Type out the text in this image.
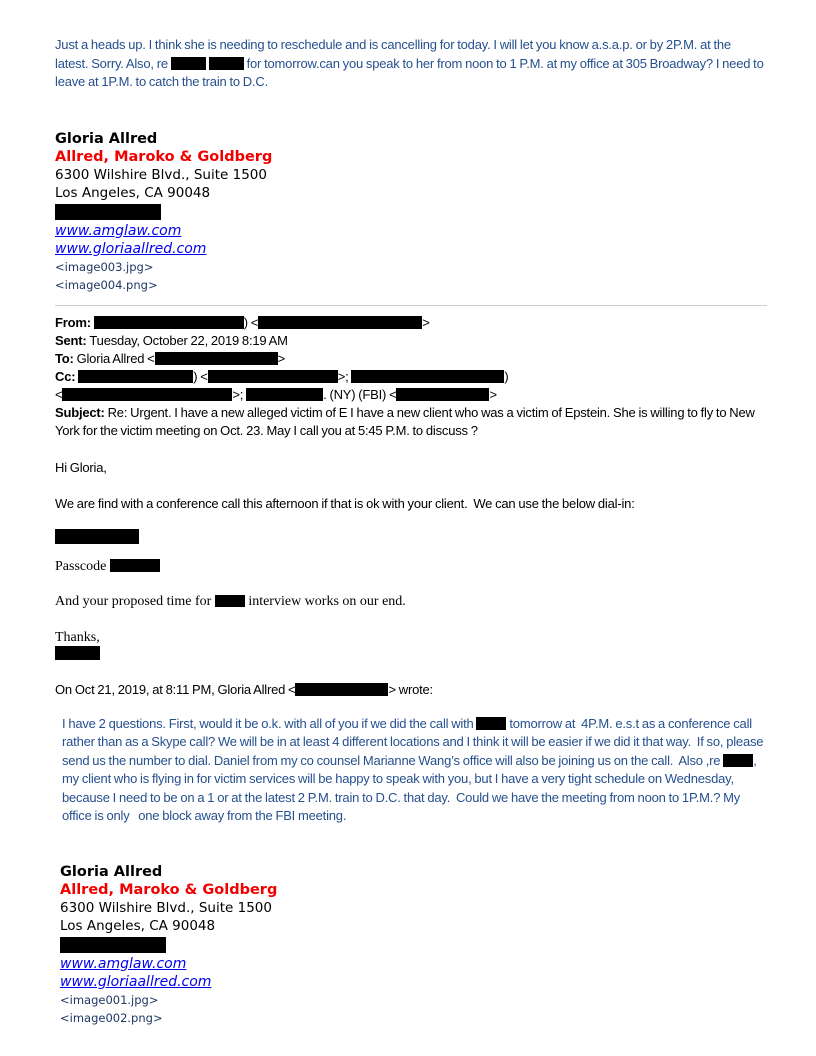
Just a heads up. I think she is needing to reschedule and is cancelling for today. I will let you know a.s.a.p. or by 2P.M. at the latest. Sorry. Also, re	for tomorrow.can you speak to her from noon to 1 P.M. at my office at 305 Broadway? I need to leave at 1P.M. to catch the train to D.C.

Gloria Allred
Allred, Maroko & Goldberg
6300 Wilshire Blvd., Suite 1500
Los Angeles, CA 90048
www.amglaw.com
www.gloriaallred.com
<image003.jpg>
<image004.png>

From:	) <	>

Sent: Tuesday, October 22, 2019 8:19 AM

To: Gloria Allred <	>

Cc:	) <	>;	)

<	>;	. (NY) (FBI) <	>

Subject: Re: Urgent. I have a new alleged victim of E I have a new client who was a victim of Epstein. She is willing to fly to New York for the victim meeting on Oct. 23. May I call you at 5:45 P.M. to discuss ?

Hi Gloria,

We are find with a conference call this afternoon if that is ok with your client.  We can use the below dial-in:

Passcode

And your proposed time for  interview works on our end.

Thanks,

On Oct 21, 2019, at 8:11 PM, Gloria Allred <	> wrote:

I have 2 questions. First, would it be o.k. with all of you if we did the call with  tomorrow at  4P.M. e.s.t as a conference call rather than as a Skype call? We will be in at least 4 different locations and I think it will be easier if we did it that way.  If so, please send us the number to dial. Daniel from my co counsel Marianne Wang’s office will also be joining us on the call.  Also ,re , my client who is flying in for victim services will be happy to speak with you, but I have a very tight schedule on Wednesday, because I need to be on a 1 or at the latest 2 P.M. train to D.C. that day.  Could we have the meeting from noon to 1P.M.? My office is only   one block away from the FBI meeting.

Gloria Allred
Allred, Maroko & Goldberg
6300 Wilshire Blvd., Suite 1500
Los Angeles, CA 90048
www.amglaw.com
www.gloriaallred.com
<image001.jpg>
<image002.png>
